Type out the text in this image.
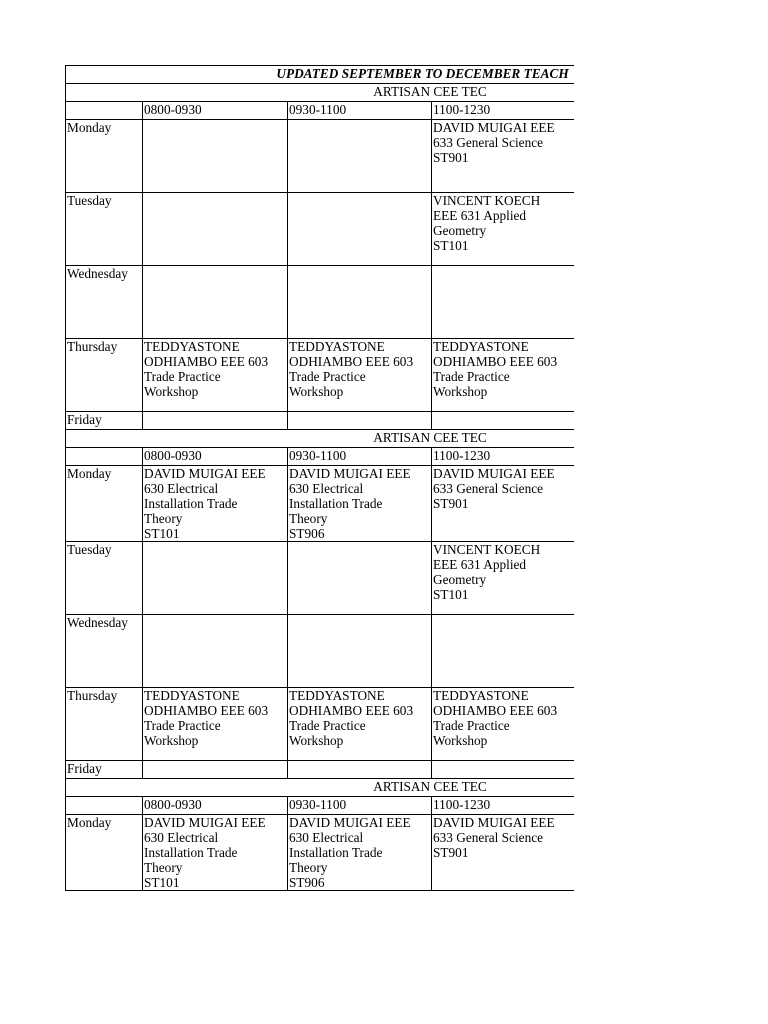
UPDATED SEPTEMBER TO DECEMBER TEACH			
ARTISAN CEE TEC			
	0800-0930	0930-1100	1100-1230
Monday			DAVID MUIGAI EEE
633 General Science
ST901

Tuesday			VINCENT KOECH
EEE 631 Applied
Geometry
ST101

Wednesday			
Thursday	TEDDYASTONE
ODHIAMBO EEE 603
Trade Practice
Workshop	TEDDYASTONE
ODHIAMBO EEE 603
Trade Practice
Workshop	TEDDYASTONE
ODHIAMBO EEE 603
Trade Practice
Workshop

Friday			
ARTISAN CEE TEC			
	0800-0930	0930-1100	1100-1230
Monday	DAVID MUIGAI EEE
630 Electrical
Installation Trade
Theory
ST101	DAVID MUIGAI EEE
630 Electrical
Installation Trade
Theory
ST906	DAVID MUIGAI EEE
633 General Science
ST901

Tuesday			VINCENT KOECH
EEE 631 Applied
Geometry
ST101

Wednesday			
Thursday	TEDDYASTONE
ODHIAMBO EEE 603
Trade Practice
Workshop	TEDDYASTONE
ODHIAMBO EEE 603
Trade Practice
Workshop	TEDDYASTONE
ODHIAMBO EEE 603
Trade Practice
Workshop

Friday			
ARTISAN CEE TEC			
	0800-0930	0930-1100	1100-1230
Monday	DAVID MUIGAI EEE
630 Electrical
Installation Trade
Theory
ST101	DAVID MUIGAI EEE
630 Electrical
Installation Trade
Theory
ST906	DAVID MUIGAI EEE
633 General Science
ST901
